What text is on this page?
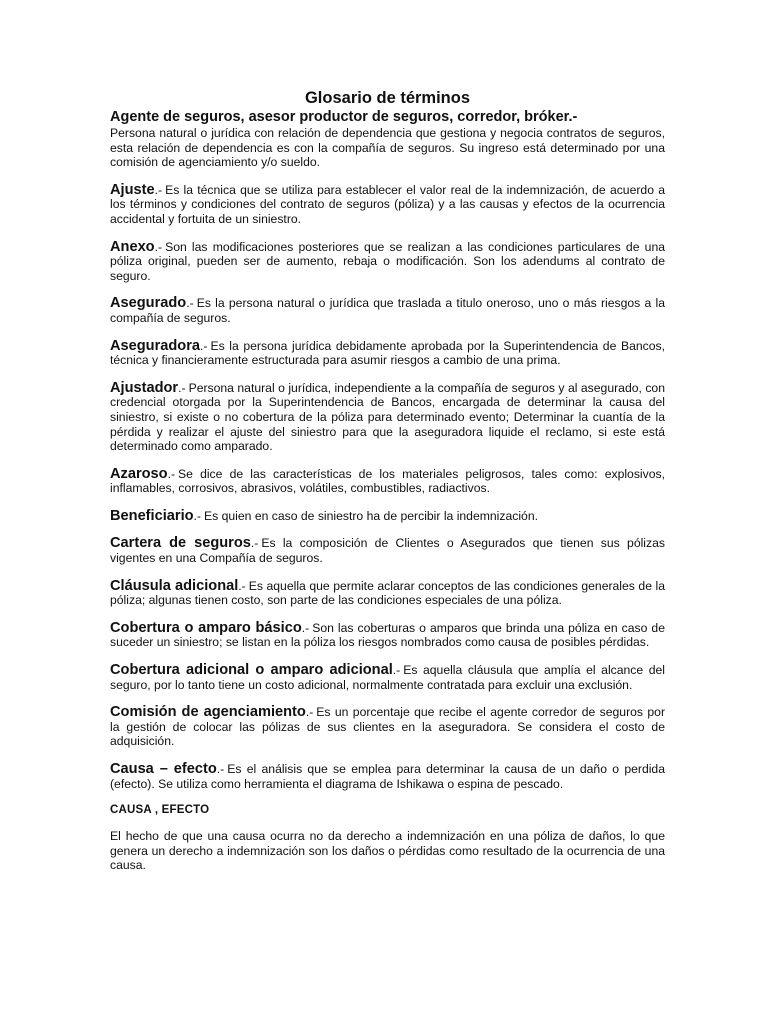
Glosario de términos
Agente de seguros, asesor productor de seguros, corredor, bróker.-
Persona natural o jurídica con relación de dependencia que gestiona y negocia contratos de seguros, esta relación de dependencia es con la compañía de seguros. Su ingreso está determinado por una comisión de agenciamiento y/o sueldo.
Ajuste.- Es la técnica que se utiliza para establecer el valor real de la indemnización, de acuerdo a los términos y condiciones del contrato de seguros (póliza) y a las causas y efectos de la ocurrencia accidental y fortuita de un siniestro.
Anexo.- Son las modificaciones posteriores que se realizan a las condiciones particulares de una póliza original, pueden ser de aumento, rebaja o modificación. Son los adendums al contrato de seguro.
Asegurado.- Es la persona natural o jurídica que traslada a titulo oneroso, uno o más riesgos a la compañía de seguros.
Aseguradora.- Es la persona jurídica debidamente aprobada por la Superintendencia de Bancos, técnica y financieramente estructurada para asumir riesgos a cambio de una prima.
Ajustador.- Persona natural o jurídica, independiente a la compañía de seguros y al asegurado, con credencial otorgada por la Superintendencia de Bancos, encargada de determinar la causa del siniestro, si existe o no cobertura de la póliza para determinado evento; Determinar la cuantía de la pérdida y realizar el ajuste del siniestro para que la aseguradora liquide el reclamo, si este está determinado como amparado.
Azaroso.- Se dice de las características de los materiales peligrosos, tales como: explosivos, inflamables, corrosivos, abrasivos, volátiles, combustibles, radiactivos.
Beneficiario.- Es quien en caso de siniestro ha de percibir la indemnización.
Cartera de seguros.- Es la composición de Clientes o Asegurados que tienen sus pólizas vigentes en una Compañía de seguros.
Cláusula adicional.- Es aquella que permite aclarar conceptos de las condiciones generales de la póliza; algunas tienen costo, son parte de las condiciones especiales de una póliza.
Cobertura o amparo básico.- Son las coberturas o amparos que brinda una póliza en caso de suceder un siniestro; se listan en la póliza los riesgos nombrados como causa de posibles pérdidas.
Cobertura adicional o amparo adicional.- Es aquella cláusula que amplía el alcance del seguro, por lo tanto tiene un costo adicional, normalmente contratada para excluir una exclusión.
Comisión de agenciamiento.- Es un porcentaje que recibe el agente corredor de seguros por la gestión de colocar las pólizas de sus clientes en la aseguradora. Se considera el costo de adquisición.
Causa – efecto.- Es el análisis que se emplea para determinar la causa de un daño o perdida (efecto). Se utiliza como herramienta el diagrama de Ishikawa o espina de pescado.
CAUSA , EFECTO
El hecho de que una causa ocurra no da derecho a indemnización en una póliza de daños, lo que genera un derecho a indemnización son los daños o pérdidas como resultado de la ocurrencia de una causa.
